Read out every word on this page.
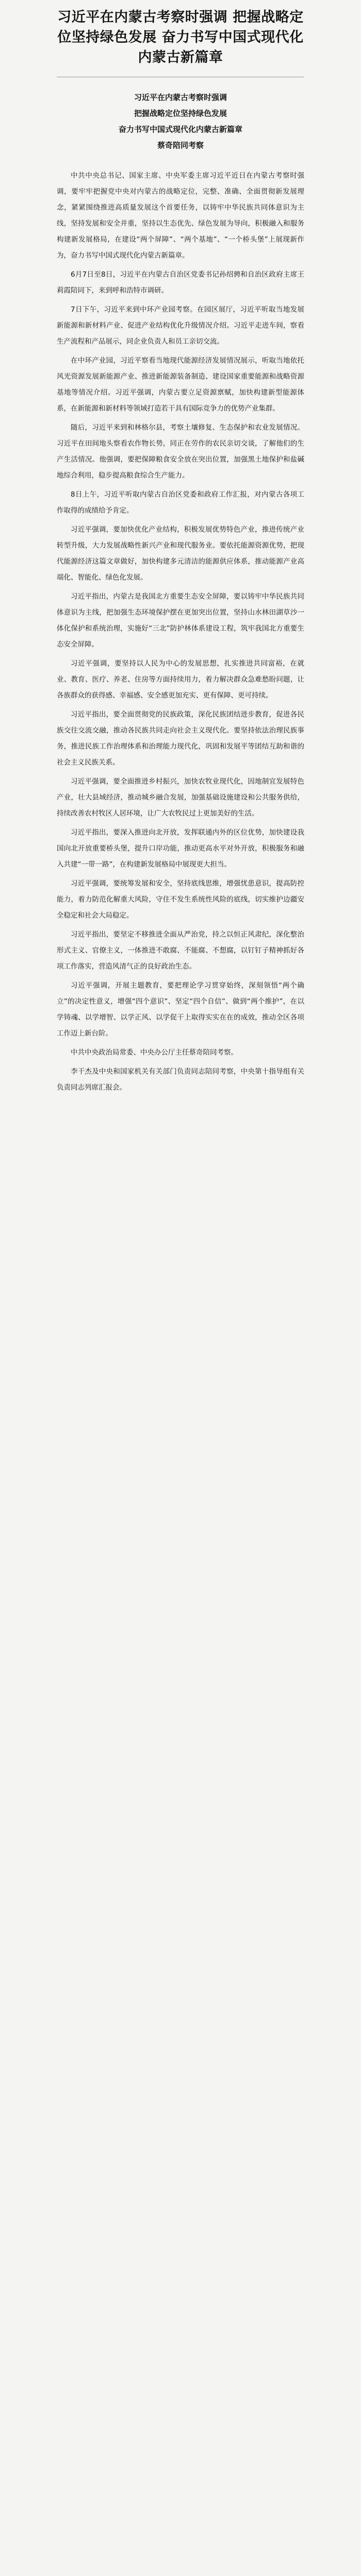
习近平在内蒙古考察时强调 把握战略定位坚持绿色发展 奋力书写中国式现代化内蒙古新篇章
习近平在内蒙古考察时强调
把握战略定位坚持绿色发展
奋力书写中国式现代化内蒙古新篇章
蔡奇陪同考察

中共中央总书记、国家主席、中央军委主席习近平近日在内蒙古考察时强调，要牢牢把握党中央对内蒙古的战略定位，完整、准确、全面贯彻新发展理念，紧紧围绕推进高质量发展这个首要任务，以铸牢中华民族共同体意识为主线，坚持发展和安全并重，坚持以生态优先、绿色发展为导向，积极融入和服务构建新发展格局，在建设“两个屏障”、“两个基地”、“一个桥头堡”上展现新作为，奋力书写中国式现代化内蒙古新篇章。

6月7日至8日，习近平在内蒙古自治区党委书记孙绍骋和自治区政府主席王莉霞陪同下，来到呼和浩特市调研。

7日下午，习近平来到中环产业园考察。在园区展厅，习近平听取当地发展新能源和新材料产业、促进产业结构优化升级情况介绍。习近平走进车间，察看生产流程和产品展示，同企业负责人和员工亲切交流。

在中环产业园，习近平察看当地现代能源经济发展情况展示，听取当地依托风光资源发展新能源产业、推进新能源装备制造、建设国家重要能源和战略资源基地等情况介绍。习近平强调，内蒙古要立足资源禀赋，加快构建新型能源体系，在新能源和新材料等领域打造若干具有国际竞争力的优势产业集群。

随后，习近平来到和林格尔县，考察土壤修复、生态保护和农业发展情况。习近平在田间地头察看农作物长势，同正在劳作的农民亲切交谈，了解他们的生产生活情况。他强调，要把保障粮食安全放在突出位置，加强黑土地保护和盐碱地综合利用，稳步提高粮食综合生产能力。

8日上午，习近平听取内蒙古自治区党委和政府工作汇报，对内蒙古各项工作取得的成绩给予肯定。

习近平强调，要加快优化产业结构，积极发展优势特色产业，推进传统产业转型升级，大力发展战略性新兴产业和现代服务业。要依托能源资源优势，把现代能源经济这篇文章做好，加快构建多元清洁的能源供应体系，推动能源产业高端化、智能化、绿色化发展。

习近平指出，内蒙古是我国北方重要生态安全屏障，要以铸牢中华民族共同体意识为主线，把加强生态环境保护摆在更加突出位置，坚持山水林田湖草沙一体化保护和系统治理，实施好“三北”防护林体系建设工程，筑牢我国北方重要生态安全屏障。

习近平强调，要坚持以人民为中心的发展思想，扎实推进共同富裕，在就业、教育、医疗、养老、住房等方面持续用力，着力解决群众急难愁盼问题，让各族群众的获得感、幸福感、安全感更加充实、更有保障、更可持续。

习近平指出，要全面贯彻党的民族政策，深化民族团结进步教育，促进各民族交往交流交融，推动各民族共同走向社会主义现代化。要坚持依法治理民族事务，推进民族工作治理体系和治理能力现代化，巩固和发展平等团结互助和谐的社会主义民族关系。

习近平强调，要全面推进乡村振兴，加快农牧业现代化，因地制宜发展特色产业，壮大县域经济，推动城乡融合发展，加强基础设施建设和公共服务供给，持续改善农村牧区人居环境，让广大农牧民过上更加美好的生活。

习近平指出，要深入推进向北开放，发挥联通内外的区位优势，加快建设我国向北开放重要桥头堡，提升口岸功能，推动更高水平对外开放，积极服务和融入共建“一带一路”，在构建新发展格局中展现更大担当。

习近平强调，要统筹发展和安全，坚持底线思维，增强忧患意识，提高防控能力，着力防范化解重大风险，守住不发生系统性风险的底线，切实维护边疆安全稳定和社会大局稳定。

习近平指出，要坚定不移推进全面从严治党，持之以恒正风肃纪，深化整治形式主义、官僚主义，一体推进不敢腐、不能腐、不想腐，以钉钉子精神抓好各项工作落实，营造风清气正的良好政治生态。

习近平强调，开展主题教育，要把理论学习贯穿始终，深刻领悟“两个确立”的决定性意义，增强“四个意识”、坚定“四个自信”、做到“两个维护”，在以学铸魂、以学增智、以学正风、以学促干上取得实实在在的成效，推动全区各项工作迈上新台阶。

中共中央政治局常委、中央办公厅主任蔡奇陪同考察。

李干杰及中央和国家机关有关部门负责同志陪同考察，中央第十指导组有关负责同志列席汇报会。
